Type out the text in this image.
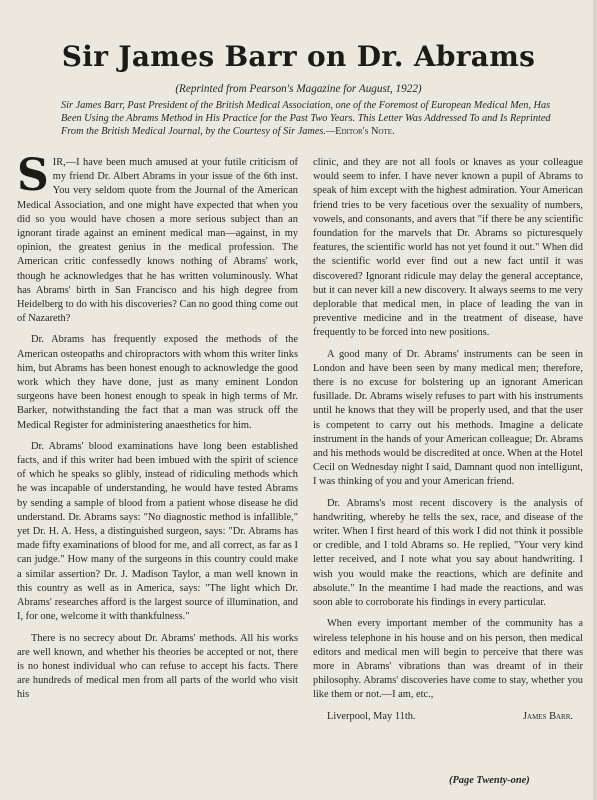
Sir James Barr on Dr. Abrams
(Reprinted from Pearson's Magazine for August, 1922)
Sir James Barr, Past President of the British Medical Association, one of the Foremost of European Medical Men, Has Been Using the Abrams Method in His Practice for the Past Two Years. This Letter Was Addressed To and Is Reprinted From the British Medical Journal, by the Courtesy of Sir James.—Editor's Note.

SIR,—I have been much amused at your futile criticism of my friend Dr. Albert Abrams in your issue of the 6th inst. You very seldom quote from the Journal of the American Medical Association, and one might have expected that when you did so you would have chosen a more serious subject than an ignorant tirade against an eminent medical man—against, in my opinion, the greatest genius in the medical profession. The American critic confessedly knows nothing of Abrams' work, though he acknowledges that he has written voluminously. What has Abrams' birth in San Francisco and his high degree from Heidelberg to do with his discoveries? Can no good thing come out of Nazareth?

Dr. Abrams has frequently exposed the methods of the American osteopaths and chiropractors with whom this writer links him, but Abrams has been honest enough to acknowledge the good work which they have done, just as many eminent London surgeons have been honest enough to speak in high terms of Mr. Barker, notwithstanding the fact that a man was struck off the Medical Register for administering anaesthetics for him.

Dr. Abrams' blood examinations have long been established facts, and if this writer had been imbued with the spirit of science of which he speaks so glibly, instead of ridiculing methods which he was incapable of understanding, he would have tested Abrams by sending a sample of blood from a patient whose disease he did understand. Dr. Abrams says: "No diagnostic method is infallible," yet Dr. H. A. Hess, a distinguished surgeon, says: "Dr. Abrams has made fifty examinations of blood for me, and all correct, as far as I can judge." How many of the surgeons in this country could make a similar assertion? Dr. J. Madison Taylor, a man well known in this country as well as in America, says: "The light which Dr. Abrams' researches afford is the largest source of illumination, and I, for one, welcome it with thankfulness."

There is no secrecy about Dr. Abrams' methods. All his works are well known, and whether his theories be accepted or not, there is no honest individual who can refuse to accept his facts. There are hundreds of medical men from all parts of the world who visit his

clinic, and they are not all fools or knaves as your colleague would seem to infer. I have never known a pupil of Abrams to speak of him except with the highest admiration. Your American friend tries to be very facetious over the sexuality of numbers, vowels, and consonants, and avers that "if there be any scientific foundation for the marvels that Dr. Abrams so picturesquely features, the scientific world has not yet found it out." When did the scientific world ever find out a new fact until it was discovered? Ignorant ridicule may delay the general acceptance, but it can never kill a new discovery. It always seems to me very deplorable that medical men, in place of leading the van in preventive medicine and in the treatment of disease, have frequently to be forced into new positions.

A good many of Dr. Abrams' instruments can be seen in London and have been seen by many medical men; therefore, there is no excuse for bolstering up an ignorant American fusillade. Dr. Abrams wisely refuses to part with his instruments until he knows that they will be properly used, and that the user is competent to carry out his methods. Imagine a delicate instrument in the hands of your American colleague; Dr. Abrams and his methods would be discredited at once. When at the Hotel Cecil on Wednesday night I said, Damnant quod non intelligunt, I was thinking of you and your American friend.

Dr. Abrams's most recent discovery is the analysis of handwriting, whereby he tells the sex, race, and disease of the writer. When I first heard of this work I did not think it possible or credible, and I told Abrams so. He replied, "Your very kind letter received, and I note what you say about handwriting. I wish you would make the reactions, which are definite and absolute." In the meantime I had made the reactions, and was soon able to corroborate his findings in every particular.

When every important member of the community has a wireless telephone in his house and on his person, then medical editors and medical men will begin to perceive that there was more in Abrams' vibrations than was dreamt of in their philosophy. Abrams' discoveries have come to stay, whether you like them or not.—I am, etc.,

Liverpool, May 11th.	James Barr.
(Page Twenty-one)
